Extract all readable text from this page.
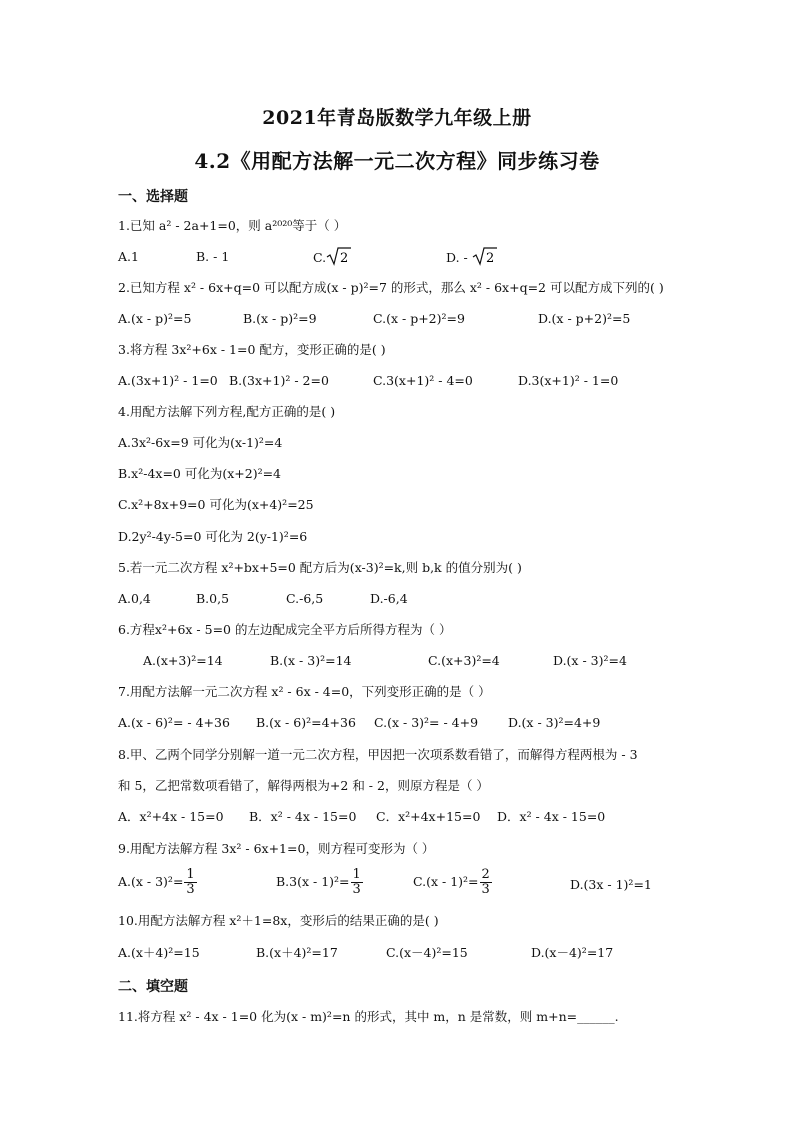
2021年青岛版数学九年级上册
4.2《用配方法解一元二次方程》同步练习卷
一、选择题
1.已知 a² - 2a+1=0，则 a²⁰²⁰等于（ ）
A.1	B. - 1	C. 2	D. - 2
2.已知方程 x² - 6x+q=0 可以配方成(x - p)²=7 的形式，那么 x² - 6x+q=2 可以配方成下列的( )
A.(x - p)²=5	B.(x - p)²=9	C.(x - p+2)²=9	D.(x - p+2)²=5
3.将方程 3x²+6x - 1=0 配方，变形正确的是( )
A.(3x+1)² - 1=0 B.(3x+1)² - 2=0	C.3(x+1)² - 4=0	D.3(x+1)² - 1=0
4.用配方法解下列方程,配方正确的是( )
A.3x²-6x=9 可化为(x-1)²=4
B.x²-4x=0 可化为(x+2)²=4
C.x²+8x+9=0 可化为(x+4)²=25
D.2y²-4y-5=0 可化为 2(y-1)²=6
5.若一元二次方程 x²+bx+5=0 配方后为(x-3)²=k,则 b,k 的值分别为( )
A.0,4	B.0,5	C.-6,5	D.-6,4
6.方程x²+6x - 5=0 的左边配成完全平方后所得方程为（ ）
A.(x+3)²=14	B.(x - 3)²=14	C.(x+3)²=4	D.(x - 3)²=4
7.用配方法解一元二次方程 x² - 6x - 4=0，下列变形正确的是（ ）
A.(x - 6)²= - 4+36 B.(x - 6)²=4+36 C.(x - 3)²= - 4+9 D.(x - 3)²=4+9
8.甲、乙两个同学分别解一道一元二次方程，甲因把一次项系数看错了，而解得方程两根为 - 3
和 5，乙把常数项看错了，解得两根为+2 和 - 2，则原方程是（ ）
A．x²+4x - 15=0 B．x² - 4x - 15=0 C．x²+4x+15=0 D．x² - 4x - 15=0
9.用配方法解方程 3x² - 6x+1=0，则方程可变形为（ ）
$A.(x - 3)^2= \frac{1}{3}$	$B.3(x - 1)^2= \frac{1}{3}$	$C.(x - 1)^2= \frac{2}{3}$	D.(3x - 1)²=1
10.用配方法解方程 x²＋1=8x，变形后的结果正确的是( )
A.(x＋4)²=15	B.(x＋4)²=17	C.(x－4)²=15	D.(x－4)²=17
二、填空题
11.将方程 x² - 4x - 1=0 化为(x - m)²=n 的形式，其中 m，n 是常数，则 m+n=______.
